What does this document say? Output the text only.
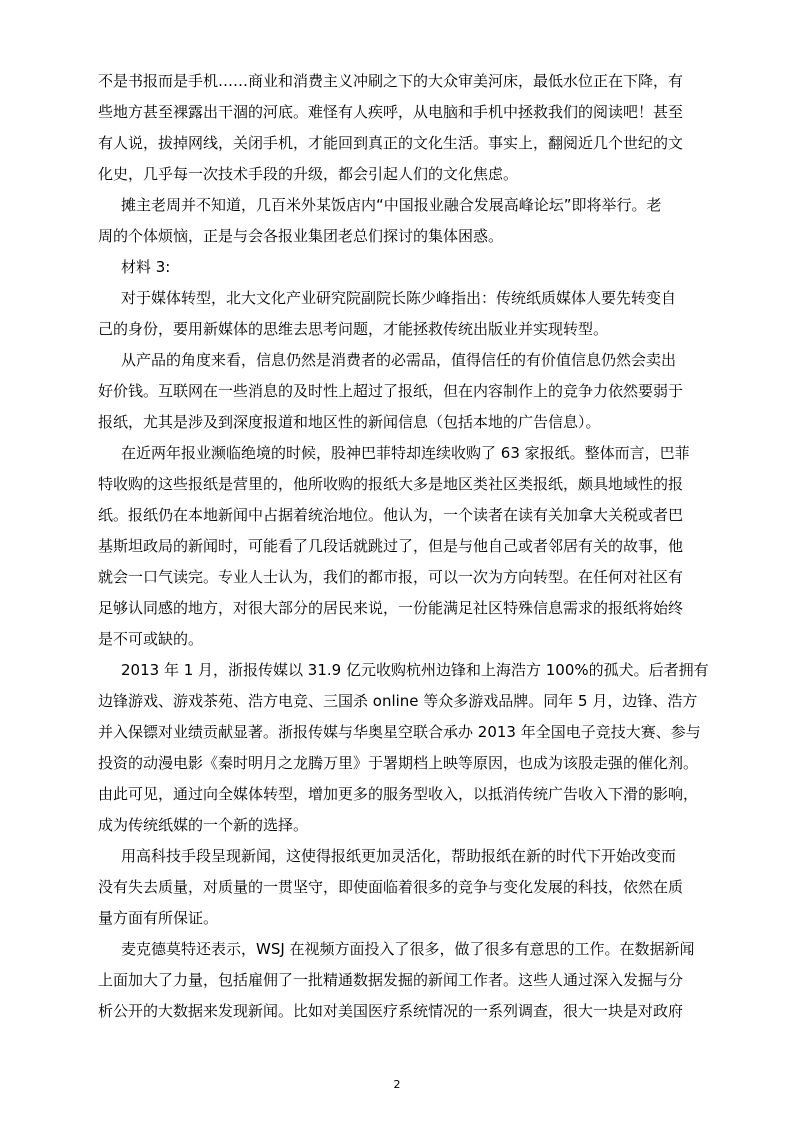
不是书报而是手机……商业和消费主义冲刷之下的大众审美河床，最低水位正在下降，有
些地方甚至裸露出干涸的河底。难怪有人疾呼，从电脑和手机中拯救我们的阅读吧！甚至
有人说，拔掉网线，关闭手机，才能回到真正的文化生活。事实上，翻阅近几个世纪的文
化史，几乎每一次技术手段的升级，都会引起人们的文化焦虑。
摊主老周并不知道，几百米外某饭店内“中国报业融合发展高峰论坛”即将举行。老
周的个体烦恼，正是与会各报业集团老总们探讨的集体困惑。
材料 3:
对于媒体转型，北大文化产业研究院副院长陈少峰指出：传统纸质媒体人要先转变自
己的身份，要用新媒体的思维去思考问题，才能拯救传统出版业并实现转型。
从产品的角度来看，信息仍然是消费者的必需品，值得信任的有价值信息仍然会卖出
好价钱。互联网在一些消息的及时性上超过了报纸，但在内容制作上的竞争力依然要弱于
报纸，尤其是涉及到深度报道和地区性的新闻信息（包括本地的广告信息）。
在近两年报业濒临绝境的时候，股神巴菲特却连续收购了 63 家报纸。整体而言，巴菲
特收购的这些报纸是营里的，他所收购的报纸大多是地区类社区类报纸，颇具地域性的报
纸。报纸仍在本地新闻中占据着统治地位。他认为，一个读者在读有关加拿大关税或者巴
基斯坦政局的新闻时，可能看了几段话就跳过了，但是与他自己或者邻居有关的故事，他
就会一口气读完。专业人士认为，我们的都市报，可以一次为方向转型。在任何对社区有
足够认同感的地方，对很大部分的居民来说，一份能满足社区特殊信息需求的报纸将始终
是不可或缺的。
2013 年 1 月，浙报传媒以 31.9 亿元收购杭州边锋和上海浩方 100%的孤犬。后者拥有
边锋游戏、游戏茶苑、浩方电竞、三国杀 online 等众多游戏品牌。同年 5 月，边锋、浩方
并入保镖对业绩贡献显著。浙报传媒与华奥星空联合承办 2013 年全国电子竞技大赛、参与
投资的动漫电影《秦时明月之龙腾万里》于署期档上映等原因，也成为该股走强的催化剂。
由此可见，通过向全媒体转型，增加更多的服务型收入，以抵消传统广告收入下滑的影响，
成为传统纸媒的一个新的选择。
用高科技手段呈现新闻，这使得报纸更加灵活化，帮助报纸在新的时代下开始改变而
没有失去质量，对质量的一贯坚守，即使面临着很多的竞争与变化发展的科技，依然在质
量方面有所保证。
麦克德莫特还表示，WSJ 在视频方面投入了很多，做了很多有意思的工作。在数据新闻
上面加大了力量，包括雇佣了一批精通数据发掘的新闻工作者。这些人通过深入发掘与分
析公开的大数据来发现新闻。比如对美国医疗系统情况的一系列调查，很大一块是对政府
2
